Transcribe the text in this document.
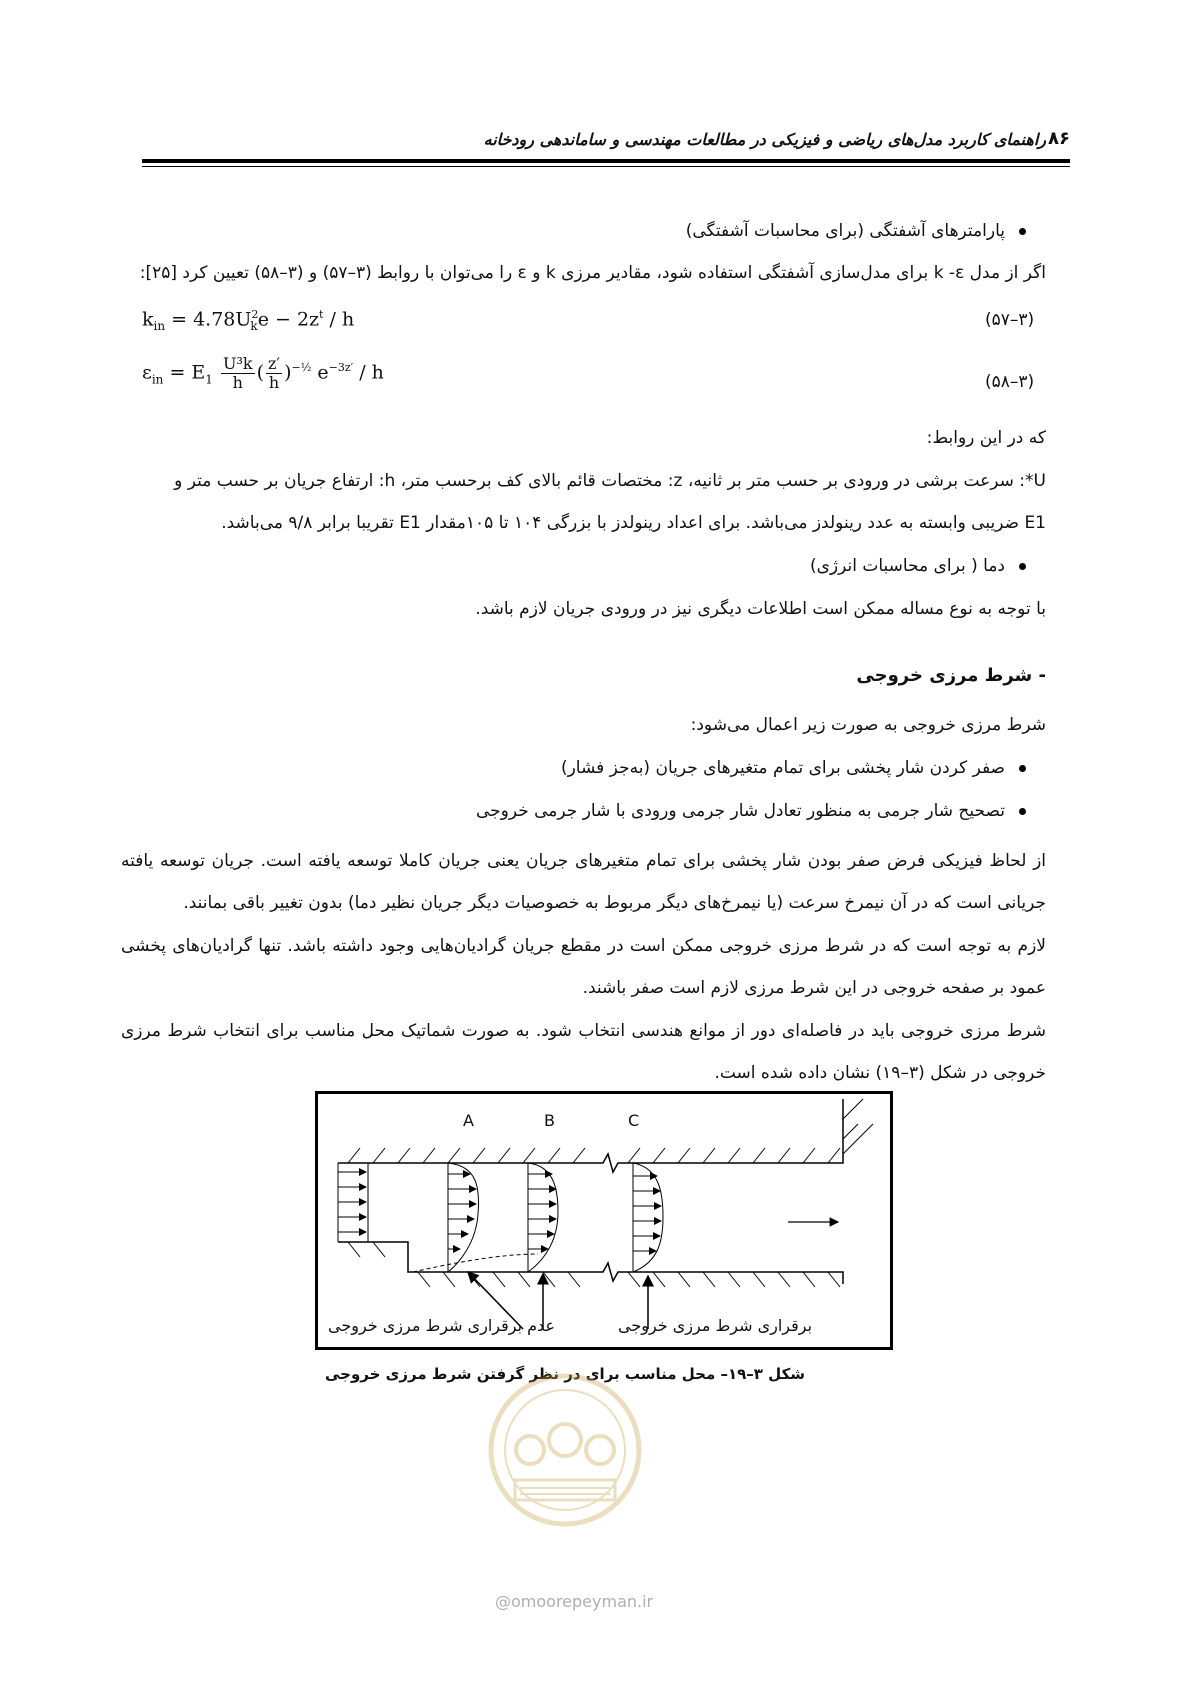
راهنمای کاربرد مدل‌های ریاضی و فیزیکی در مطالعات مهندسی و ساماندهی رودخانه ۸۶
پارامترهای آشفتگی (برای محاسبات آشفتگی)
اگر از مدل k -ε برای مدل‌سازی آشفتگی استفاده شود، مقادیر مرزی k و ε را می‌توان با روابط (۳–۵۷) و (۳–۵۸) تعیین کرد [۲۵]:
$k_{in} = 4.78U^2_ke - 2z^t / h$	(۳–۵۷)
$\varepsilon_{in} = E_1 \frac{\text{U³k}}{h}$ ( $\frac{z'}{h} )^{-\frac{1}{2}}$ $e^{-3z'}$ / h	(۳–۵۸)
که در این روابط:
U*: سرعت برشی در ورودی بر حسب متر بر ثانیه، z: مختصات قائم بالای کف برحسب متر، h: ارتفاع جریان بر حسب متر و
E1 ضریبی وابسته به عدد رینولدز می‌باشد. برای اعداد رینولدز با بزرگی ۱۰۴ تا ۱۰۵مقدار E1 تقریبا برابر ۹/۸ می‌باشد.
دما ( برای محاسبات انرژی)
با توجه به نوع مساله ممکن است اطلاعات دیگری نیز در ورودی جریان لازم باشد.
- شرط مرزی خروجی
شرط مرزی خروجی به صورت زیر اعمال می‌شود:
صفر کردن شار پخشی برای تمام متغیرهای جریان (به‌جز فشار)
تصحیح شار جرمی به منظور تعادل شار جرمی ورودی با شار جرمی خروجی
از لحاظ فیزیکی فرض صفر بودن شار پخشی برای تمام متغیرهای جریان یعنی جریان کاملا توسعه یافته است. جریان توسعه یافته جریانی است که در آن نیمرخ سرعت (یا نیمرخ‌های دیگر مربوط به خصوصیات دیگر جریان نظیر دما) بدون تغییر باقی بمانند.
لازم به توجه است که در شرط مرزی خروجی ممکن است در مقطع جریان گرادیان‌هایی وجود داشته باشد. تنها گرادیان‌های پخشی عمود بر صفحه خروجی در این شرط مرزی لازم است صفر باشند.
شرط مرزی خروجی باید در فاصله‌ای دور از موانع هندسی انتخاب شود. به صورت شماتیک محل مناسب برای انتخاب شرط مرزی خروجی در شکل (۳–۱۹) نشان داده شده است.
A	B	C
عدم برقراری شرط مرزی خروجی	برقراری شرط مرزی خروجی
شکل ۳–۱۹– محل مناسب برای در نظر گرفتن شرط مرزی خروجی
@omoorepeyman.ir
